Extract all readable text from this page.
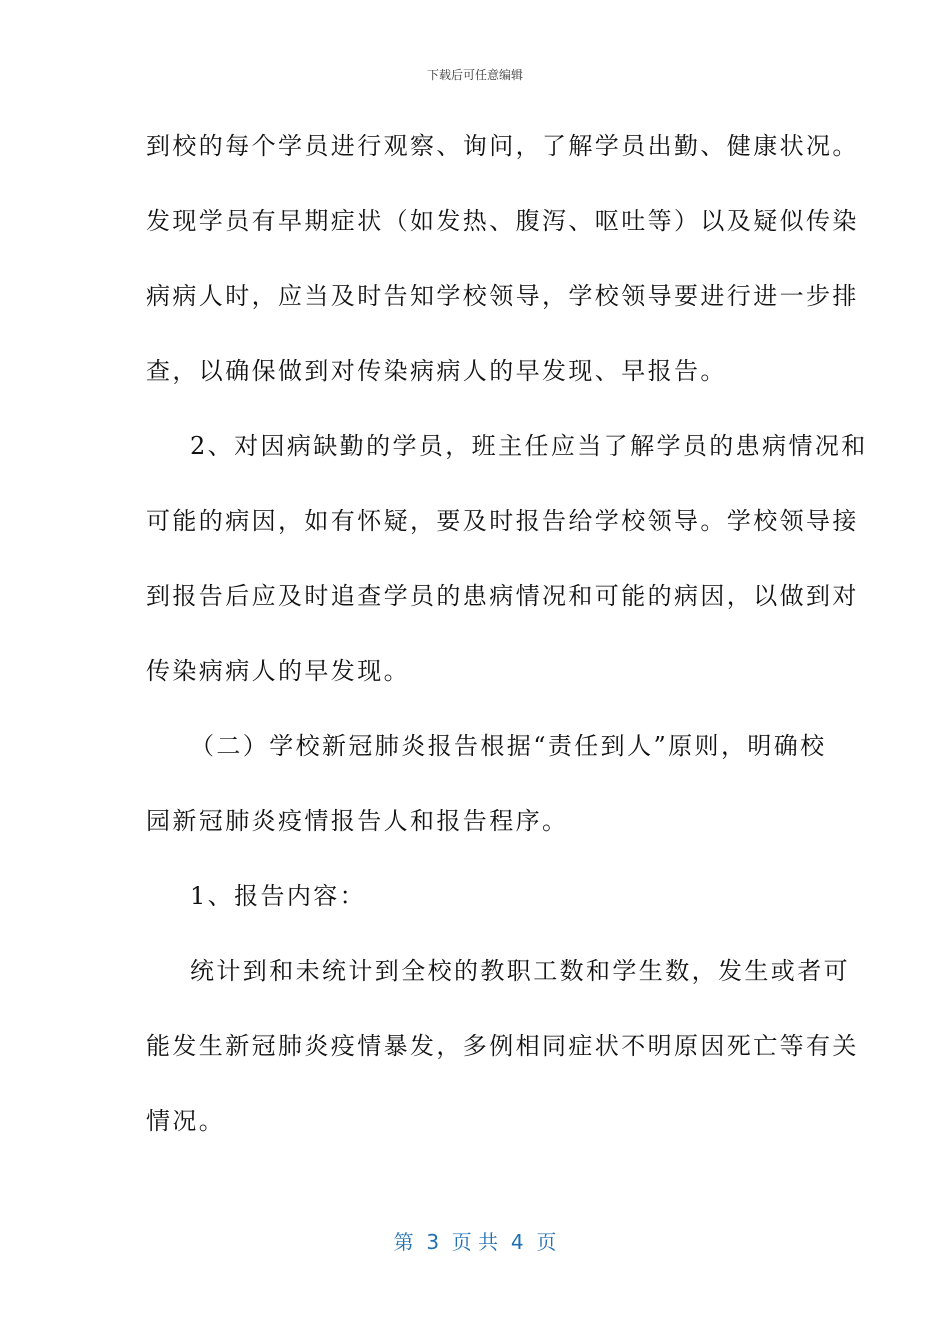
下载后可任意编辑
到校的每个学员进行观察、询问，了解学员出勤、健康状况。
发现学员有早期症状（如发热、腹泻、呕吐等）以及疑似传染
病病人时，应当及时告知学校领导，学校领导要进行进一步排
查，以确保做到对传染病病人的早发现、早报告。
2、对因病缺勤的学员，班主任应当了解学员的患病情况和
可能的病因，如有怀疑，要及时报告给学校领导。学校领导接
到报告后应及时追查学员的患病情况和可能的病因，以做到对
传染病病人的早发现。
（二）学校新冠肺炎报告根据“责任到人”原则，明确校
园新冠肺炎疫情报告人和报告程序。
1、报告内容：
统计到和未统计到全校的教职工数和学生数，发生或者可
能发生新冠肺炎疫情暴发，多例相同症状不明原因死亡等有关
情况。
第  3  页 共  4  页
